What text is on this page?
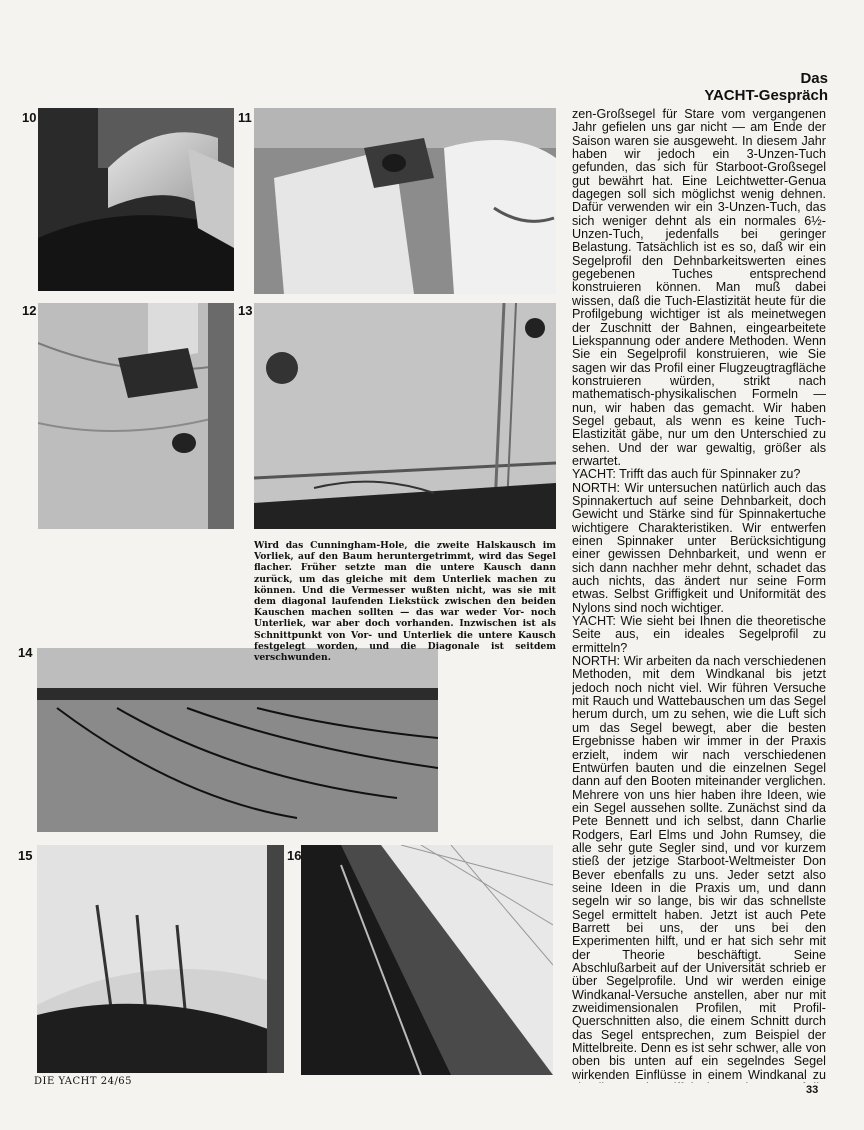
Das
YACHT-Gespräch
10	11
12	13
14
15	16
Wird das Cunningham-Hole, die zweite Halskausch im Vorliek, auf den Baum heruntergetrimmt, wird das Segel flacher. Früher setzte man die untere Kausch dann zurück, um das gleiche mit dem Unterliek machen zu können. Und die Vermesser wußten nicht, was sie mit dem diagonal laufenden Liekstück zwischen den beiden Kauschen machen sollten — das war weder Vor- noch Unterliek, war aber doch vorhanden. Inzwischen ist als Schnittpunkt von Vor- und Unterliek die untere Kausch festgelegt worden, und die Diagonale ist seitdem verschwunden.

zen-Großsegel für Stare vom vergangenen Jahr gefielen uns gar nicht — am Ende der Saison waren sie ausgeweht. In diesem Jahr haben wir jedoch ein 3-Unzen-Tuch gefunden, das sich für Starboot-Großsegel gut bewährt hat. Eine Leichtwetter-Genua dagegen soll sich möglichst wenig dehnen. Dafür verwenden wir ein 3-Unzen-Tuch, das sich weniger dehnt als ein normales 6½-Unzen-Tuch, jedenfalls bei geringer Belastung. Tatsächlich ist es so, daß wir ein Segelprofil den Dehnbarkeitswerten eines gegebenen Tuches entsprechend konstruieren können. Man muß dabei wissen, daß die Tuch-Elastizität heute für die Profilgebung wichtiger ist als meinetwegen der Zuschnitt der Bahnen, eingearbeitete Liekspannung oder andere Methoden. Wenn Sie ein Segelprofil konstruieren, wie Sie sagen wir das Profil einer Flugzeugtragfläche konstruieren würden, strikt nach mathematisch-physikalischen Formeln — nun, wir haben das gemacht. Wir haben Segel gebaut, als wenn es keine Tuch-Elastizität gäbe, nur um den Unterschied zu sehen. Und der war gewaltig, größer als erwartet.

YACHT: Trifft das auch für Spinnaker zu?

NORTH: Wir untersuchen natürlich auch das Spinnakertuch auf seine Dehnbarkeit, doch Gewicht und Stärke sind für Spinnakertuche wichtigere Charakteristiken. Wir entwerfen einen Spinnaker unter Berücksichtigung einer gewissen Dehnbarkeit, und wenn er sich dann nachher mehr dehnt, schadet das auch nichts, das ändert nur seine Form etwas. Selbst Griffigkeit und Uniformität des Nylons sind noch wichtiger.

YACHT: Wie sieht bei Ihnen die theoretische Seite aus, ein ideales Segelprofil zu ermitteln?

NORTH: Wir arbeiten da nach verschiedenen Methoden, mit dem Windkanal bis jetzt jedoch noch nicht viel. Wir führen Versuche mit Rauch und Wattebauschen um das Segel herum durch, um zu sehen, wie die Luft sich um das Segel bewegt, aber die besten Ergebnisse haben wir immer in der Praxis erzielt, indem wir nach verschiedenen Entwürfen bauten und die einzelnen Segel dann auf den Booten miteinander verglichen. Mehrere von uns hier haben ihre Ideen, wie ein Segel aussehen sollte. Zunächst sind da Pete Bennett und ich selbst, dann Charlie Rodgers, Earl Elms und John Rumsey, die alle sehr gute Segler sind, und vor kurzem stieß der jetzige Starboot-Weltmeister Don Bever ebenfalls zu uns. Jeder setzt also seine Ideen in die Praxis um, und dann segeln wir so lange, bis wir das schnellste Segel ermittelt haben. Jetzt ist auch Pete Barrett bei uns, der uns bei den Experimenten hilft, und er hat sich sehr mit der Theorie beschäftigt. Seine Abschlußarbeit auf der Universität schrieb er über Segelprofile. Und wir werden einige Windkanal-Versuche anstellen, aber nur mit zweidimensionalen Profilen, mit Profil-Querschnitten also, die einem Schnitt durch das Segel entsprechen, zum Beispiel der Mittelbreite. Denn es ist sehr schwer, alle von oben bis unten auf ein segelndes Segel wirkenden Einflüsse in einem Windkanal zu

DIE YACHT 24/65
33
